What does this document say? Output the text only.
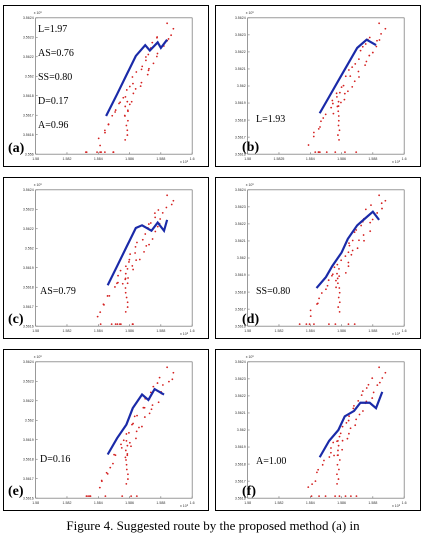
x 10⁵
x 10⁶
1.58	1.582	1.584	1.586	1.588	1.6
3.5624
3.5623
3.5622
3.562
3.5618
3.5617
3.5616
3.556
L=1.97
AS=0.76
SS=0.80
D=0.17
A=0.96
(a)
x 10⁵
x 10⁶
1.58	1.5825	1.584	1.586	1.588	1.6
3.5624
3.5623
3.5622
3.5621
3.562
3.5619
3.5618
3.5617
3.5616
L=1.93
(b)
x 10⁵
x 10⁶
1.58	1.582	1.584	1.586	1.588	1.6
3.5624
3.5623
3.5622
3.562
3.5619
3.5618
3.5617
3.5616
AS=0.79
(c)
x 10⁵
x 10⁶
1.58	1.582	1.584	1.586	1.588	1.6
3.5624
3.5623
3.5622
3.5621
3.562
3.5619
3.5618
3.5617
3.5616
SS=0.80
(d)
x 10⁵
x 10⁶
1.58	1.582	1.584	1.586	1.588	1.6
3.5624
3.5623
3.5622
3.562
3.5619
3.5618
3.5617
3.5616
D=0.16
(e)
x 10⁵
x 10⁶
1.58	1.582	1.584	1.586	1.588	1.6
3.5624
3.5623
3.5622
3.5621
3.562
3.5619
3.5618
3.5617
3.5616
A=1.00
(f)
Figure 4. Suggested route by the proposed method (a) in
